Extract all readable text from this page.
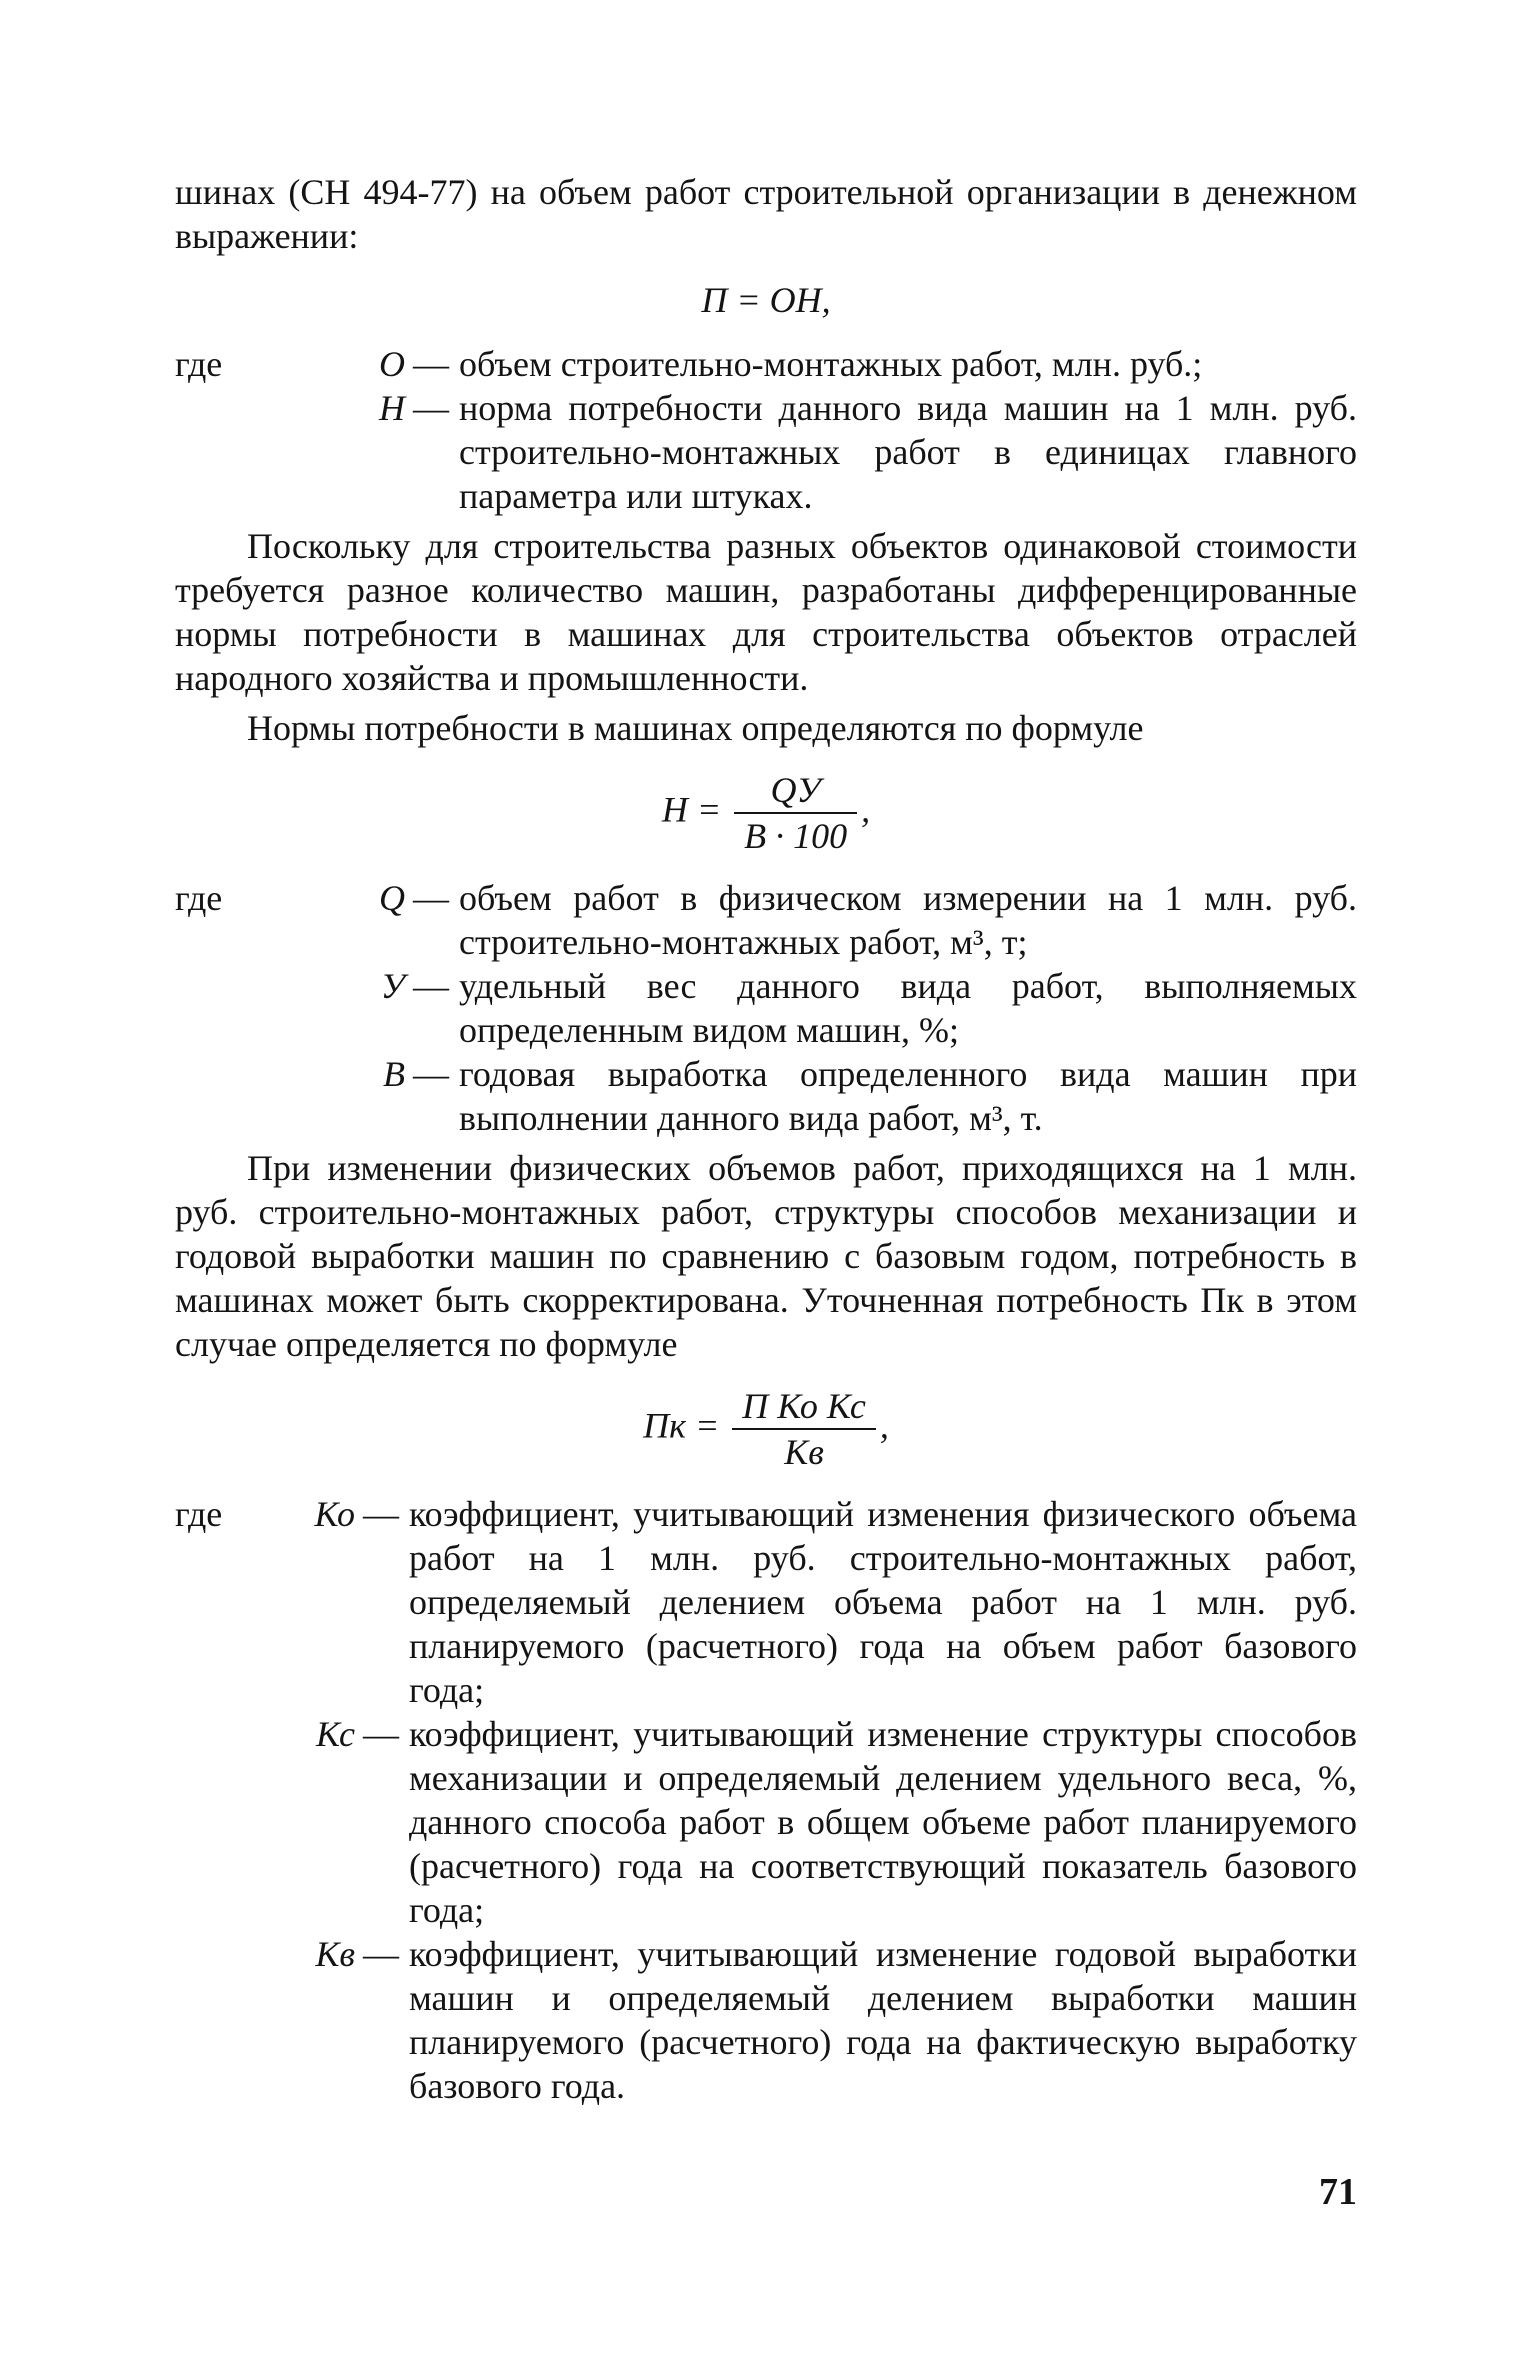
шинах (СН 494-77) на объем работ строительной организации в денежном выражении:

П = ОН,
где	О — объем строительно-монтажных работ, млн. руб.;
Н — норма потребности данного вида машин на 1 млн. руб. строительно-монтажных работ в единицах главного параметра или штуках.

Поскольку для строительства разных объектов одинаковой стоимости требуется разное количество машин, разработаны дифференцированные нормы потребности в машинах для строительства объектов отраслей народного хозяйства и промышленности.

Нормы потребности в машинах определяются по формуле

$Н = \frac{QУ}{В \cdot 100}$ ,
где	Q — объем работ в физическом измерении на 1 млн. руб. строительно-монтажных работ, м³, т;
У — удельный вес данного вида работ, выполняемых определенным видом машин, %;
В — годовая выработка определенного вида машин при выполнении данного вида работ, м³, т.

При изменении физических объемов работ, приходящихся на 1 млн. руб. строительно-монтажных работ, структуры способов механизации и годовой выработки машин по сравнению с базовым годом, потребность в машинах может быть скорректирована. Уточненная потребность Пк в этом случае определяется по формуле

Пк = $\frac{\text{П Ко Кс}}{Кв}$ ,
где	Ко — коэффициент, учитывающий изменения физического объема работ на 1 млн. руб. строительно-монтажных работ, определяемый делением объема работ на 1 млн. руб. планируемого (расчетного) года на объем работ базового года;
Кс — коэффициент, учитывающий изменение структуры способов механизации и определяемый делением удельного веса, %, данного способа работ в общем объеме работ планируемого (расчетного) года на соответствующий показатель базового года;
Кв — коэффициент, учитывающий изменение годовой выработки машин и определяемый делением выработки машин планируемого (расчетного) года на фактическую выработку базового года.
71
